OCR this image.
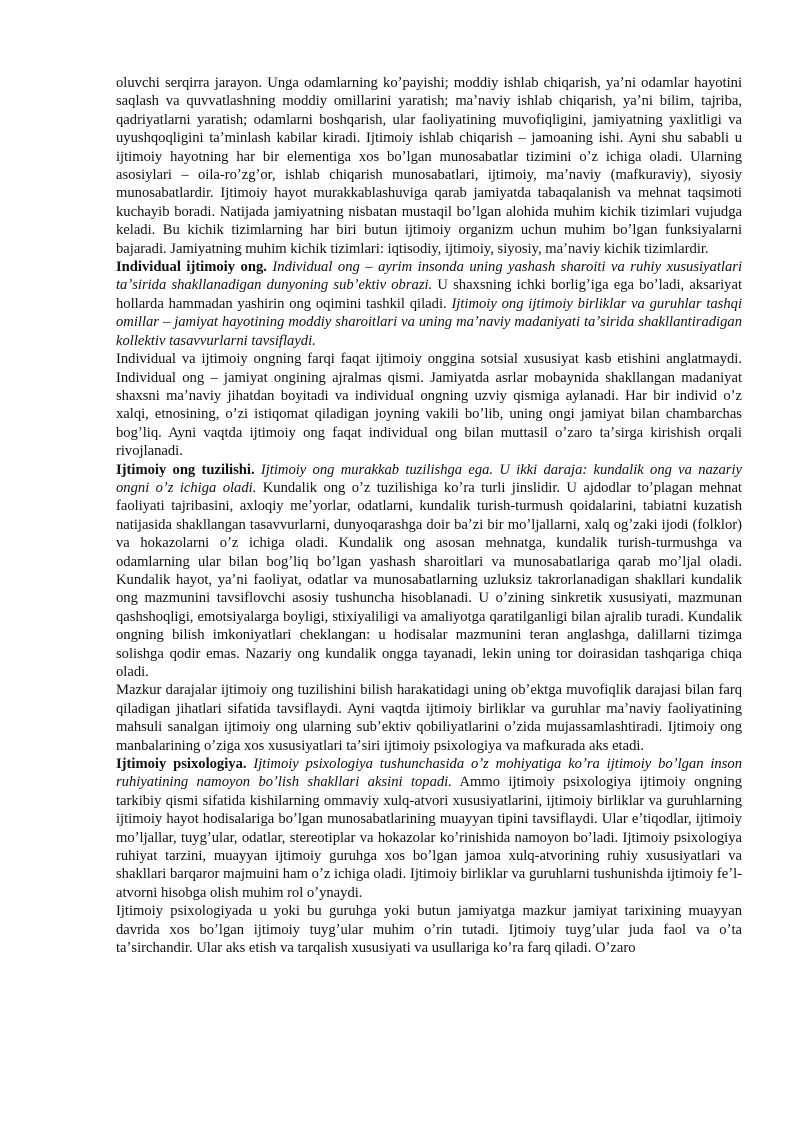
oluvchi serqirra jarayon. Unga odamlarning koʼpayishi; moddiy ishlab chiqarish, yaʼni odamlar hayotini saqlash va quvvatlashning moddiy omillarini yaratish; maʼnaviy ishlab chiqarish, yaʼni bilim, tajriba, qadriyatlarni yaratish; odamlarni boshqarish, ular faoliyatining muvofiqligini, jamiyatning yaxlitligi va uyushqoqligini taʼminlash kabilar kiradi. Ijtimoiy ishlab chiqarish – jamoaning ishi. Ayni shu sababli u ijtimoiy hayotning har bir elementiga xos boʼlgan munosabatlar tizimini oʼz ichiga oladi. Ularning asosiylari – oila-roʼzgʼor, ishlab chiqarish munosabatlari, ijtimoiy, maʼnaviy (mafkuraviy), siyosiy munosabatlardir. Ijtimoiy hayot murakkablashuviga qarab jamiyatda tabaqalanish va mehnat taqsimoti kuchayib boradi. Natijada jamiyatning nisbatan mustaqil boʼlgan alohida muhim kichik tizimlari vujudga keladi. Bu kichik tizimlarning har biri butun ijtimoiy organizm uchun muhim boʼlgan funksiyalarni bajaradi. Jamiyatning muhim kichik tizimlari: iqtisodiy, ijtimoiy, siyosiy, maʼnaviy kichik tizimlardir.

Individual ijtimoiy ong. Individual ong – ayrim insonda uning yashash sharoiti va ruhiy xususiyatlari taʼsirida shakllanadigan dunyoning subʼektiv obrazi. U shaxsning ichki borligʼiga ega boʼladi, aksariyat hollarda hammadan yashirin ong oqimini tashkil qiladi. Ijtimoiy ong ijtimoiy birliklar va guruhlar tashqi omillar – jamiyat hayotining moddiy sharoitlari va uning maʼnaviy madaniyati taʼsirida shakllantiradigan kollektiv tasavvurlarni tavsiflaydi.

Individual va ijtimoiy ongning farqi faqat ijtimoiy onggina sotsial xususiyat kasb etishini anglatmaydi. Individual ong – jamiyat ongining ajralmas qismi. Jamiyatda asrlar mobaynida shakllangan madaniyat shaxsni maʼnaviy jihatdan boyitadi va individual ongning uzviy qismiga aylanadi. Har bir individ oʼz xalqi, etnosining, oʼzi istiqomat qiladigan joyning vakili boʼlib, uning ongi jamiyat bilan chambarchas bogʼliq. Ayni vaqtda ijtimoiy ong faqat individual ong bilan muttasil oʼzaro taʼsirga kirishish orqali rivojlanadi.

Ijtimoiy ong tuzilishi. Ijtimoiy ong murakkab tuzilishga ega. U ikki daraja: kundalik ong va nazariy ongni oʼz ichiga oladi. Kundalik ong oʼz tuzilishiga koʼra turli jinslidir. U ajdodlar toʼplagan mehnat faoliyati tajribasini, axloqiy meʼyorlar, odatlarni, kundalik turish-turmush qoidalarini, tabiatni kuzatish natijasida shakllangan tasavvurlarni, dunyoqarashga doir baʼzi bir moʼljallarni, xalq ogʼzaki ijodi (folklor) va hokazolarni oʼz ichiga oladi. Kundalik ong asosan mehnatga, kundalik turish-turmushga va odamlarning ular bilan bogʼliq boʼlgan yashash sharoitlari va munosabatlariga qarab moʼljal oladi. Kundalik hayot, yaʼni faoliyat, odatlar va munosabatlarning uzluksiz takrorlanadigan shakllari kundalik ong mazmunini tavsiflovchi asosiy tushuncha hisoblanadi. U oʼzining sinkretik xususiyati, mazmunan qashshoqligi, emotsiyalarga boyligi, stixiyaliligi va amaliyotga qaratilganligi bilan ajralib turadi. Kundalik ongning bilish imkoniyatlari cheklangan: u hodisalar mazmunini teran anglashga, dalillarni tizimga solishga qodir emas. Nazariy ong kundalik ongga tayanadi, lekin uning tor doirasidan tashqariga chiqa oladi.

Mazkur darajalar ijtimoiy ong tuzilishini bilish harakatidagi uning obʼektga muvofiqlik darajasi bilan farq qiladigan jihatlari sifatida tavsiflaydi. Ayni vaqtda ijtimoiy birliklar va guruhlar maʼnaviy faoliyatining mahsuli sanalgan ijtimoiy ong ularning subʼektiv qobiliyatlarini oʼzida mujassamlashtiradi. Ijtimoiy ong manbalarining oʼziga xos xususiyatlari taʼsiri ijtimoiy psixologiya va mafkurada aks etadi.

Ijtimoiy psixologiya. Ijtimoiy psixologiya tushunchasida oʼz mohiyatiga koʼra ijtimoiy boʼlgan inson ruhiyatining namoyon boʼlish shakllari aksini topadi. Ammo ijtimoiy psixologiya ijtimoiy ongning tarkibiy qismi sifatida kishilarning ommaviy xulq-atvori xususiyatlarini, ijtimoiy birliklar va guruhlarning ijtimoiy hayot hodisalariga boʼlgan munosabatlarining muayyan tipini tavsiflaydi. Ular eʼtiqodlar, ijtimoiy moʼljallar, tuygʼular, odatlar, stereotiplar va hokazolar koʼrinishida namoyon boʼladi. Ijtimoiy psixologiya ruhiyat tarzini, muayyan ijtimoiy guruhga xos boʼlgan jamoa xulq-atvorining ruhiy xususiyatlari va shakllari barqaror majmuini ham oʼz ichiga oladi. Ijtimoiy birliklar va guruhlarni tushunishda ijtimoiy feʼl-atvorni hisobga olish muhim rol oʼynaydi.

Ijtimoiy psixologiyada u yoki bu guruhga yoki butun jamiyatga mazkur jamiyat tarixining muayyan davrida xos boʼlgan ijtimoiy tuygʼular muhim oʼrin tutadi. Ijtimoiy tuygʼular juda faol va oʼta taʼsirchandir. Ular aks etish va tarqalish xususiyati va usullariga koʼra farq qiladi. Oʼzaro
